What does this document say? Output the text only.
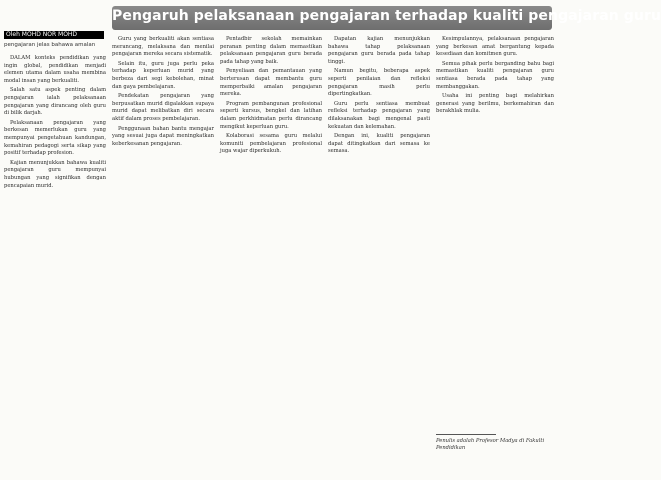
Pengaruh pelaksanaan pengajaran terhadap kualiti pengajaran guru
Oleh MOHD NOR MOHD
pengajaran jelas bahawa amalan

DALAM konteks pendidikan yang ingin global, pendidikan menjadi elemen utama dalam usaha membina modal insan yang berkualiti.

Salah satu aspek penting dalam pengajaran ialah pelaksanaan pengajaran yang dirancang oleh guru di bilik darjah.

Pelaksanaan pengajaran yang berkesan memerlukan guru yang mempunyai pengetahuan kandungan, kemahiran pedagogi serta sikap yang positif terhadap profesion.

Kajian menunjukkan bahawa kualiti pengajaran guru mempunyai hubungan yang signifikan dengan pencapaian murid.

Guru yang berkualiti akan sentiasa merancang, melaksana dan menilai pengajaran mereka secara sistematik.

Selain itu, guru juga perlu peka terhadap keperluan murid yang berbeza dari segi kebolehan, minat dan gaya pembelajaran.

Pendekatan pengajaran yang berpusatkan murid digalakkan supaya murid dapat melibatkan diri secara aktif dalam proses pembelajaran.

Penggunaan bahan bantu mengajar yang sesuai juga dapat meningkatkan keberkesanan pengajaran.

Pentadbir sekolah memainkan peranan penting dalam memastikan pelaksanaan pengajaran guru berada pada tahap yang baik.

Penyeliaan dan pemantauan yang berterusan dapat membantu guru memperbaiki amalan pengajaran mereka.

Program pembangunan profesional seperti kursus, bengkel dan latihan dalam perkhidmatan perlu dirancang mengikut keperluan guru.

Kolaborasi sesama guru melalui komuniti pembelajaran profesional juga wajar diperkukuh.

Dapatan kajian menunjukkan bahawa tahap pelaksanaan pengajaran guru berada pada tahap tinggi.

Namun begitu, beberapa aspek seperti penilaian dan refleksi pengajaran masih perlu dipertingkatkan.

Guru perlu sentiasa membuat refleksi terhadap pengajaran yang dilaksanakan bagi mengenal pasti kekuatan dan kelemahan.

Dengan ini, kualiti pengajaran dapat ditingkatkan dari semasa ke semasa.

Kesimpulannya, pelaksanaan pengajaran yang berkesan amat bergantung kepada kesediaan dan komitmen guru.

Semua pihak perlu berganding bahu bagi memastikan kualiti pengajaran guru sentiasa berada pada tahap yang membanggakan.

Usaha ini penting bagi melahirkan generasi yang berilmu, berkemahiran dan berakhlak mulia.

Penulis adalah Profesor Madya di Fakulti Pendidikan
